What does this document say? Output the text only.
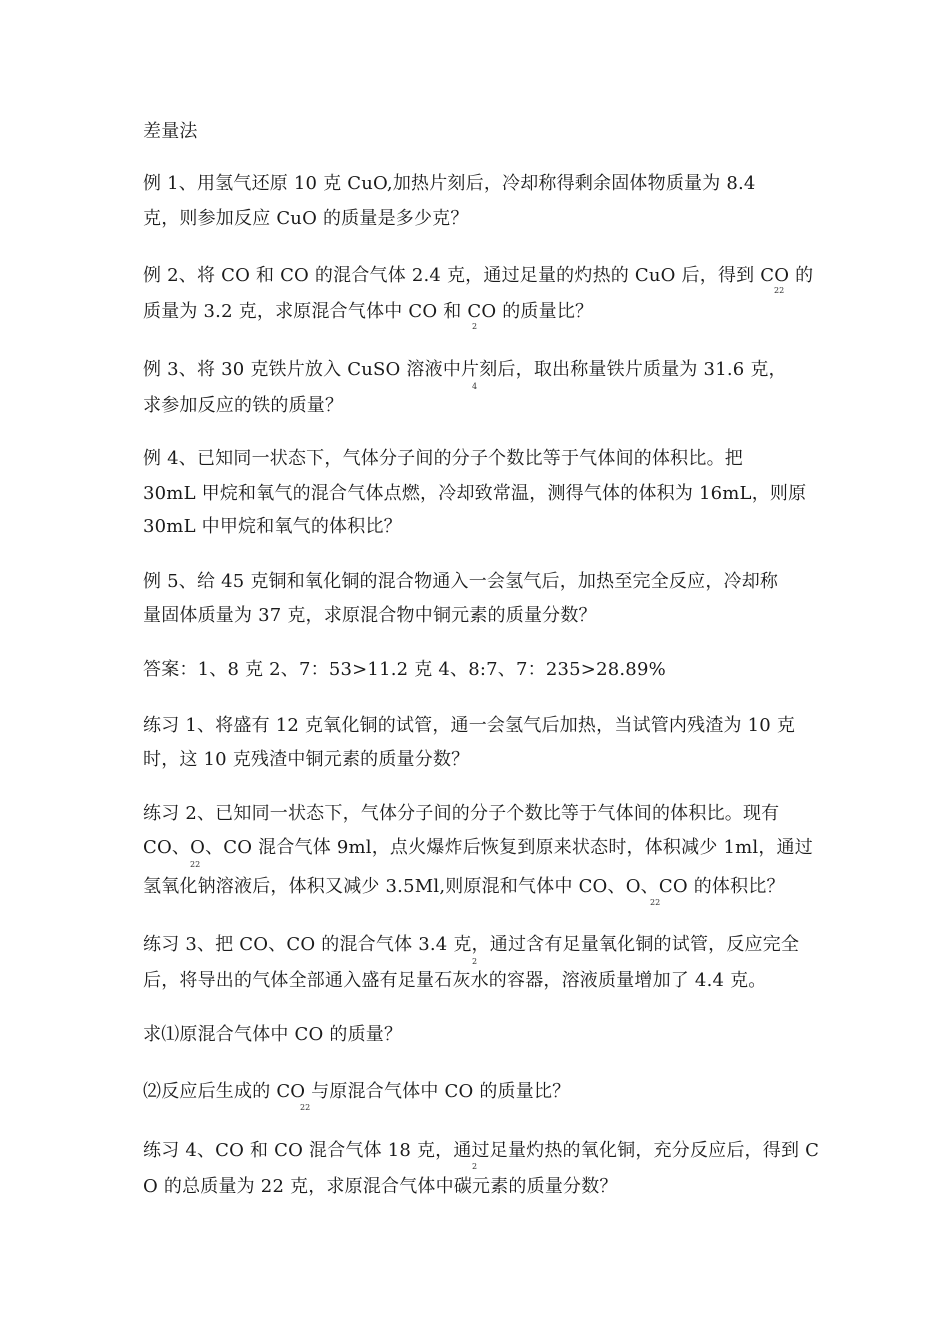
差量法
例 1、用氢气还原 10 克 CuO,加热片刻后，冷却称得剩余固体物质量为 8.4
克，则参加反应 CuO 的质量是多少克？
例 2、将 CO 和 CO 的混合气体 2.4 克，通过足量的灼热的 CuO 后，得到 CO 的
22
质量为 3.2 克，求原混合气体中 CO 和 CO 的质量比？
2
例 3、将 30 克铁片放入 CuSO 溶液中片刻后，取出称量铁片质量为 31.6 克，
4
求参加反应的铁的质量？
例 4、已知同一状态下，气体分子间的分子个数比等于气体间的体积比。把
30mL 甲烷和氧气的混合气体点燃，冷却致常温，测得气体的体积为 16mL，则原
30mL 中甲烷和氧气的体积比？
例 5、给 45 克铜和氧化铜的混合物通入一会氢气后，加热至完全反应，冷却称
量固体质量为 37 克，求原混合物中铜元素的质量分数？
答案：1、8 克 2、7：53>11.2 克 4、8:7、7：235>28.89%
练习 1、将盛有 12 克氧化铜的试管，通一会氢气后加热，当试管内残渣为 10 克
时，这 10 克残渣中铜元素的质量分数？
练习 2、已知同一状态下，气体分子间的分子个数比等于气体间的体积比。现有
CO、O、CO 混合气体 9ml，点火爆炸后恢复到原来状态时，体积减少 1ml，通过
22
氢氧化钠溶液后，体积又减少 3.5Ml,则原混和气体中 CO、O、CO 的体积比？
22
练习 3、把 CO、CO 的混合气体 3.4 克，通过含有足量氧化铜的试管，反应完全
2
后，将导出的气体全部通入盛有足量石灰水的容器，溶液质量增加了 4.4 克。
求⑴原混合气体中 CO 的质量？
⑵反应后生成的 CO 与原混合气体中 CO 的质量比？
22
练习 4、CO 和 CO 混合气体 18 克，通过足量灼热的氧化铜，充分反应后，得到 C
2
O 的总质量为 22 克，求原混合气体中碳元素的质量分数？
